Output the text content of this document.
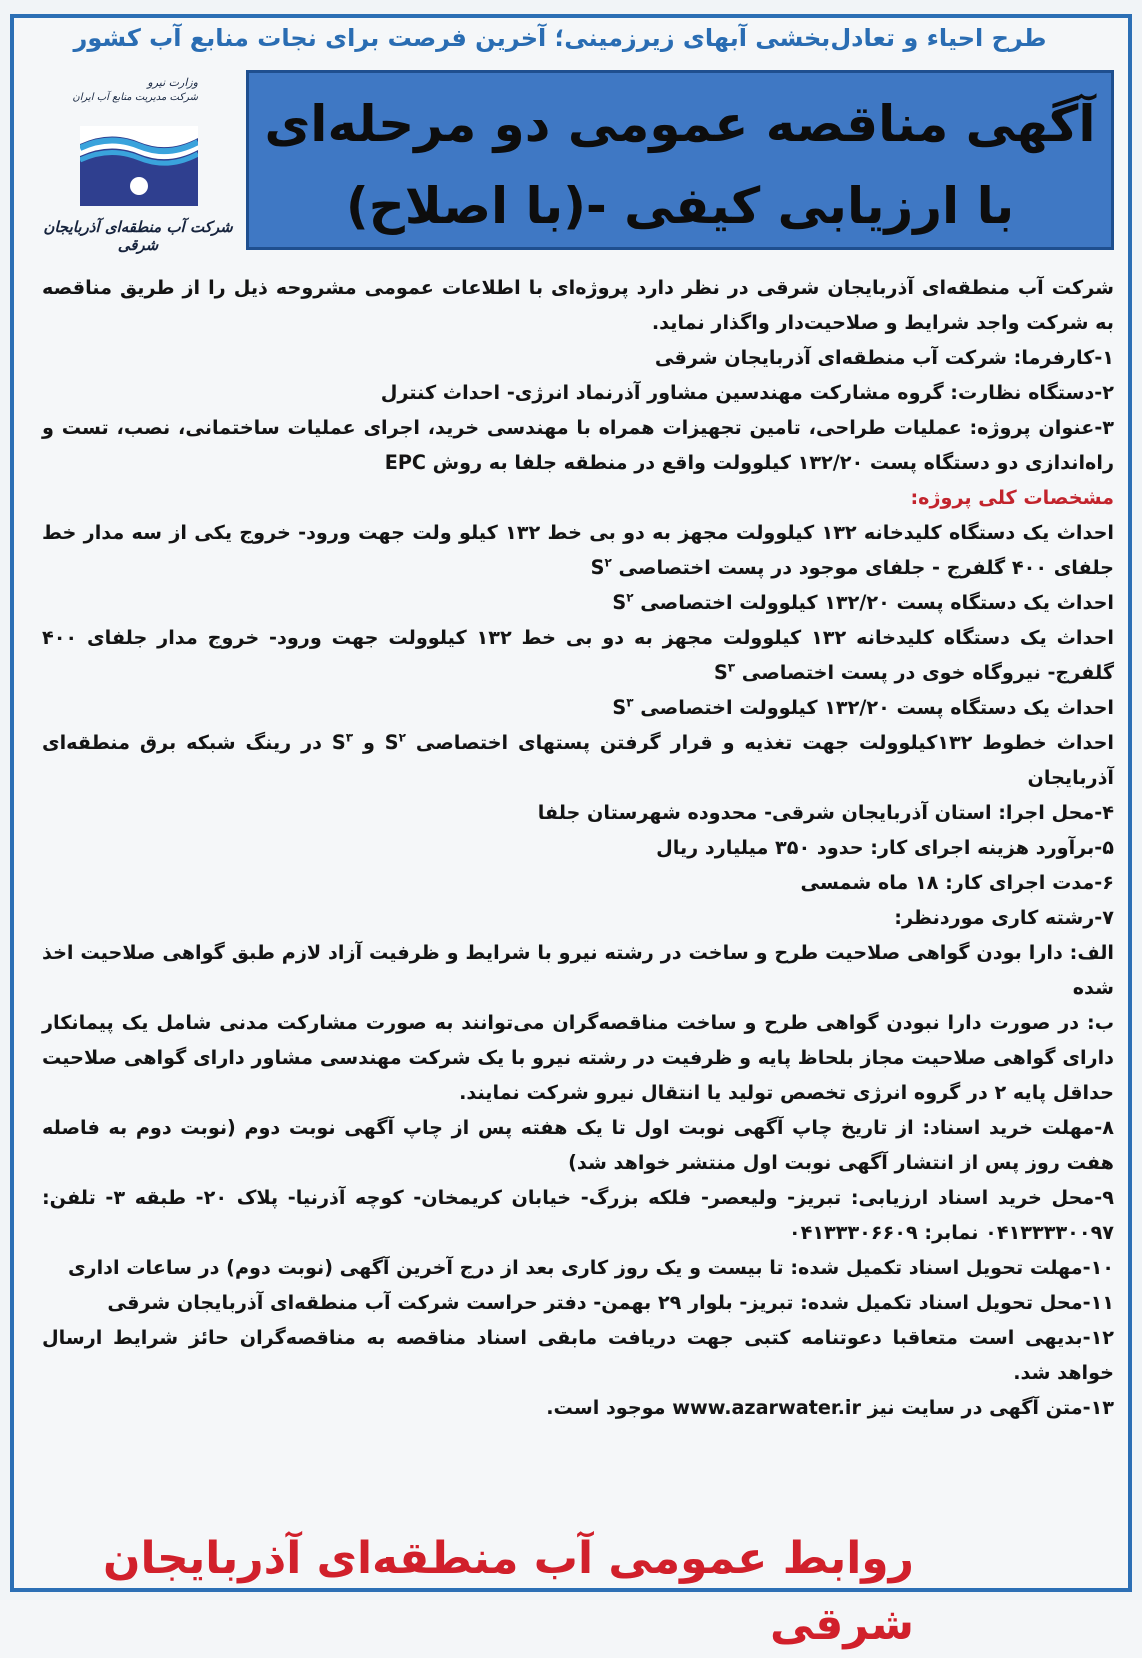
طرح احیاء و تعادل‌بخشی آبهای زیرزمینی؛ آخرین فرصت برای نجات منابع آب کشور
وزارت نیرو
شرکت مدیریت منابع آب ایران
شرکت آب منطقه‌ای آذربایجان شرقی
آگهی مناقصه عمومی دو مرحله‌ای
با ارزیابی کیفی -(با اصلاح)

شرکت آب منطقه‌ای آذربایجان شرقی در نظر دارد پروژه‌ای با اطلاعات عمومی مشروحه ذیل را از طریق مناقصه به شرکت واجد شرایط و صلاحیت‌دار واگذار نماید.

۱-کارفرما: شرکت آب منطقه‌ای آذربایجان شرقی

۲-دستگاه نظارت: گروه مشارکت مهندسین مشاور آذرنماد انرژی- احداث کنترل

۳-عنوان پروژه: عملیات طراحی، تامین تجهیزات همراه با مهندسی خرید، اجرای عملیات ساختمانی، نصب، تست و راه‌اندازی دو دستگاه پست ۱۳۲/۲۰ کیلوولت واقع در منطقه جلفا به روش EPC

مشخصات کلی پروژه:

احداث یک دستگاه کلیدخانه ۱۳۲ کیلوولت مجهز به دو بی خط ۱۳۲ کیلو ولت جهت ورود- خروج یکی از سه مدار خط جلفای ۴۰۰ گلفرج - جلفای موجود در پست اختصاصی $S^۲$

احداث یک دستگاه پست ۱۳۲/۲۰ کیلوولت اختصاصی $S^۲$

احداث یک دستگاه کلیدخانه ۱۳۲ کیلوولت مجهز به دو بی خط ۱۳۲ کیلوولت جهت ورود- خروج مدار جلفای ۴۰۰ گلفرج- نیروگاه خوی در پست اختصاصی $S^۳$

احداث یک دستگاه پست ۱۳۲/۲۰ کیلوولت اختصاصی $S^۳$

احداث خطوط ۱۳۲کیلوولت جهت تغذیه و قرار گرفتن پستهای اختصاصی $S^۲$ و $S^۳$ در رینگ شبکه برق منطقه‌ای آذربایجان

۴-محل اجرا: استان آذربایجان شرقی- محدوده شهرستان جلفا

۵-برآورد هزینه اجرای کار: حدود ۳۵۰ میلیارد ریال

۶-مدت اجرای کار: ۱۸ ماه شمسی

۷-رشته کاری مورد‌نظر:

الف: دارا بودن گواهی صلاحیت طرح و ساخت در رشته نیرو با شرایط و ظرفیت آزاد لازم طبق گواهی صلاحیت اخذ شده

ب: در صورت دارا نبودن گواهی طرح و ساخت مناقصه‌گران می‌توانند به صورت مشارکت مدنی شامل یک پیمانکار دارای گواهی صلاحیت مجاز بلحاظ پایه و ظرفیت در رشته نیرو با یک شرکت مهندسی مشاور دارای گواهی صلاحیت حداقل پایه ۲ در گروه انرژی تخصص تولید یا انتقال نیرو شرکت نمایند.

۸-مهلت خرید اسناد: از تاریخ چاپ آگهی نوبت اول تا یک هفته پس از چاپ آگهی نوبت دوم (نوبت دوم به فاصله هفت روز پس از انتشار آگهی نوبت اول منتشر خواهد شد)

۹-محل خرید اسناد ارزیابی: تبریز- ولیعصر- فلکه بزرگ- خیابان کریمخان- کوچه آذرنیا- پلاک ۲۰- طبقه ۳- تلفن: ۰۴۱۳۳۳۳۰۰۹۷ نمابر: ۰۴۱۳۳۳۰۶۶۰۹

۱۰-مهلت تحویل اسناد تکمیل شده: تا بیست و یک روز کاری بعد از درج آخرین آگهی (نوبت دوم) در ساعات اداری

۱۱-محل تحویل اسناد تکمیل شده: تبریز- بلوار ۲۹ بهمن- دفتر حراست شرکت آب منطقه‌ای آذربایجان شرقی

۱۲-بدیهی است متعاقبا دعوتنامه کتبی جهت دریافت مابقی اسناد مناقصه به مناقصه‌گران حائز شرایط ارسال خواهد شد.

۱۳-متن آگهی در سایت نیز www.azarwater.ir موجود است.

روابط عمومی آب منطقه‌ای آذربایجان شرقی
